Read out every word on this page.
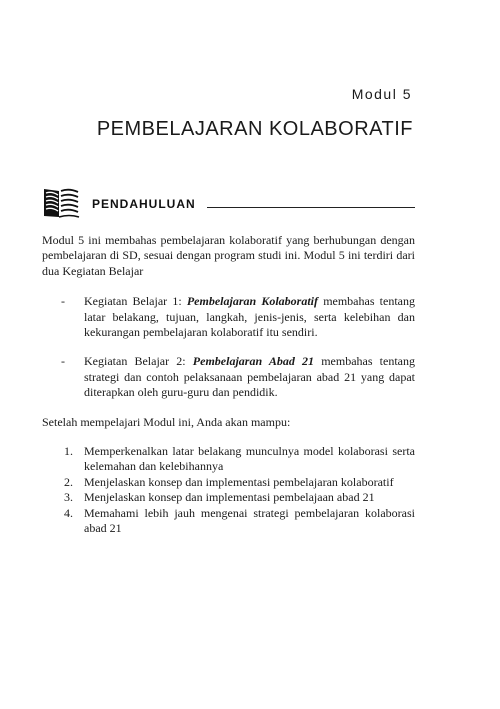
Modul 5
PEMBELAJARAN KOLABORATIF
PENDAHULUAN

Modul 5 ini membahas pembelajaran kolaboratif yang berhubungan dengan pembelajaran di SD, sesuai dengan program studi ini. Modul 5 ini terdiri dari dua Kegiatan Belajar

- Kegiatan Belajar 1: Pembelajaran Kolaboratif membahas tentang latar belakang, tujuan, langkah, jenis-jenis, serta kelebihan dan kekurangan pembelajaran kolaboratif itu sendiri.
- Kegiatan Belajar 2: Pembelajaran Abad 21 membahas tentang strategi dan contoh pelaksanaan pembelajaran abad 21 yang dapat diterapkan oleh guru-guru dan pendidik.

Setelah mempelajari Modul ini, Anda akan mampu:

1. Memperkenalkan latar belakang munculnya model kolaborasi serta kelemahan dan kelebihannya
2. Menjelaskan konsep dan implementasi pembelajaran kolaboratif
3. Menjelaskan konsep dan implementasi pembelajaan abad 21
4. Memahami lebih jauh mengenai strategi pembelajaran kolaborasi abad 21
